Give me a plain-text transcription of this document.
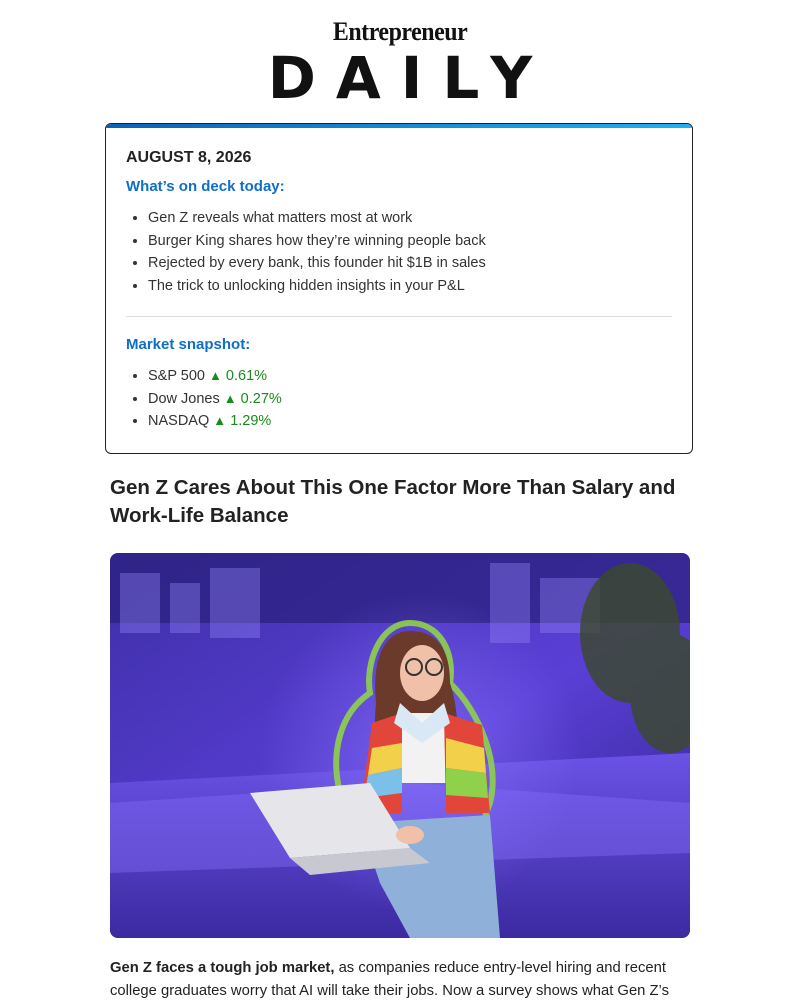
Entrepreneur
DAILY
AUGUST 8, 2026
What’s on deck today:
• Gen Z reveals what matters most at work
• Burger King shares how they’re winning people back
• Rejected by every bank, this founder hit $1B in sales
• The trick to unlocking hidden insights in your P&L
Market snapshot:
• S&P 500 ▲ 0.61%
• Dow Jones ▲ 0.27%
• NASDAQ ▲ 1.29%
Gen Z Cares About This One Factor More Than Salary and Work-Life Balance

Gen Z faces a tough job market, as companies reduce entry-level hiring and recent college graduates worry that AI will take their jobs. Now a survey shows what Gen Z’s
